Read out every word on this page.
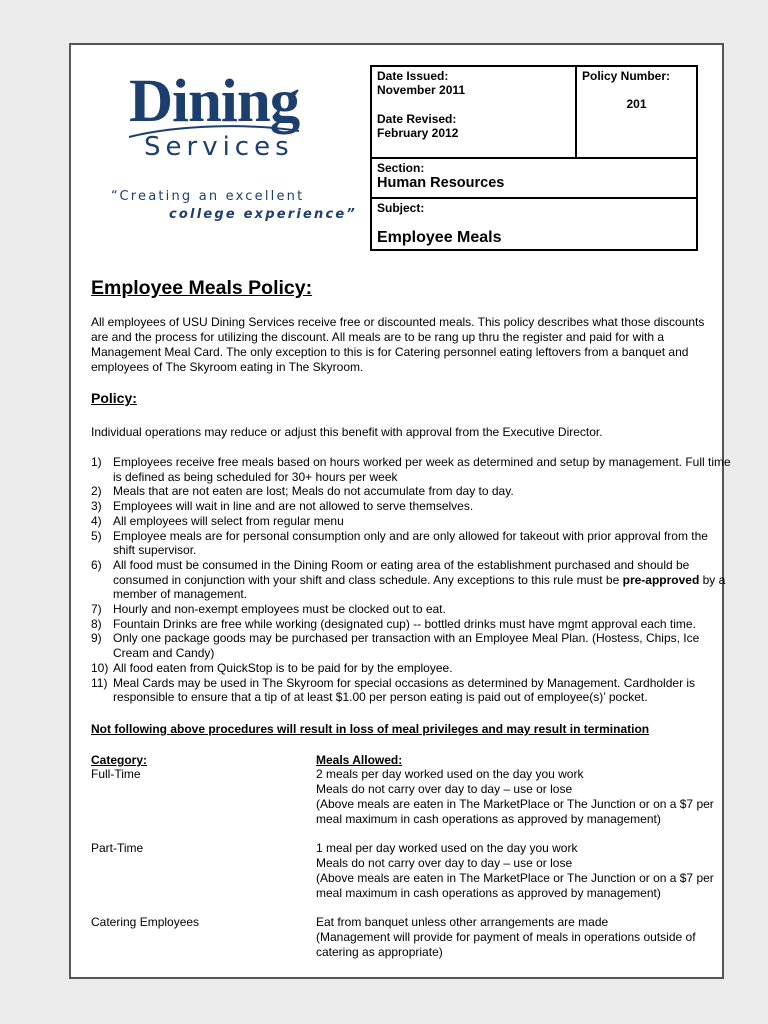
Dining
Services
“Creating an excellent
college experience”
Date Issued:
November 2011
Date Revised:
February 2012

Policy Number:
201

Section:
Human Resources

Subject:
Employee Meals
Employee Meals Policy:
All employees of USU Dining Services receive free or discounted meals. This policy describes what those discounts are and the process for utilizing the discount. All meals are to be rang up thru the register and paid for with a Management Meal Card. The only exception to this is for Catering personnel eating leftovers from a banquet and employees of The Skyroom eating in The Skyroom.
Policy:
Individual operations may reduce or adjust this benefit with approval from the Executive Director.
1) Employees receive free meals based on hours worked per week as determined and setup by management. Full time is defined as being scheduled for 30+ hours per week
2) Meals that are not eaten are lost; Meals do not accumulate from day to day.
3) Employees will wait in line and are not allowed to serve themselves.
4) All employees will select from regular menu
5) Employee meals are for personal consumption only and are only allowed for takeout with prior approval from the shift supervisor.
6) All food must be consumed in the Dining Room or eating area of the establishment purchased and should be consumed in conjunction with your shift and class schedule. Any exceptions to this rule must be pre-approved by a member of management.
7) Hourly and non-exempt employees must be clocked out to eat.
8) Fountain Drinks are free while working (designated cup) -- bottled drinks must have mgmt approval each time.
9) Only one package goods may be purchased per transaction with an Employee Meal Plan. (Hostess, Chips, Ice Cream and Candy)
10) All food eaten from QuickStop is to be paid for by the employee.
11) Meal Cards may be used in The Skyroom for special occasions as determined by Management. Cardholder is responsible to ensure that a tip of at least $1.00 per person eating is paid out of employee(s)’ pocket.
Not following above procedures will result in loss of meal privileges and may result in termination
Category:	Meals Allowed:
Full-Time	2 meals per day worked used on the day you work
Meals do not carry over day to day – use or lose
(Above meals are eaten in The MarketPlace or The Junction or on a $7 per meal maximum in cash operations as approved by management)
Part-Time	1 meal per day worked used on the day you work
Meals do not carry over day to day – use or lose
(Above meals are eaten in The MarketPlace or The Junction or on a $7 per meal maximum in cash operations as approved by management)
Catering Employees	Eat from banquet unless other arrangements are made
(Management will provide for payment of meals in operations outside of catering as appropriate)
